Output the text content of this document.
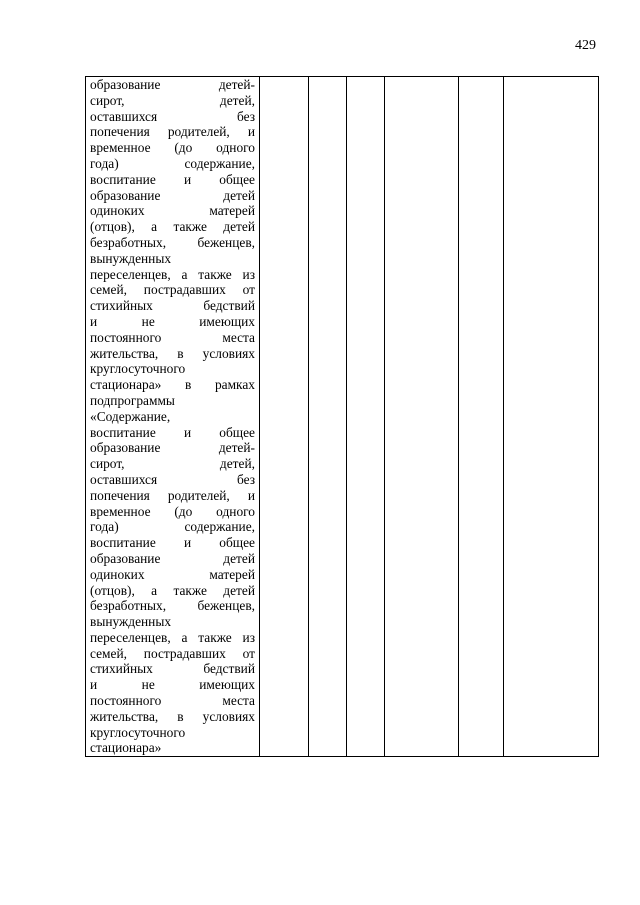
429
образование детей-
сирот, детей,
оставшихся без
попечения родителей, и
временное (до одного
года) содержание,
воспитание и общее
образование детей
одиноких матерей
(отцов), а также детей
безработных, беженцев,
вынужденных
переселенцев, а также из
семей, пострадавших от
стихийных бедствий
и не имеющих
постоянного места
жительства, в условиях
круглосуточного
стационара» в рамках
подпрограммы
«Содержание,
воспитание и общее
образование детей-
сирот, детей,
оставшихся без
попечения родителей, и
временное (до одного
года) содержание,
воспитание и общее
образование детей
одиноких матерей
(отцов), а также детей
безработных, беженцев,
вынужденных
переселенцев, а также из
семей, пострадавших от
стихийных бедствий
и не имеющих
постоянного места
жительства, в условиях
круглосуточного
стационара»
